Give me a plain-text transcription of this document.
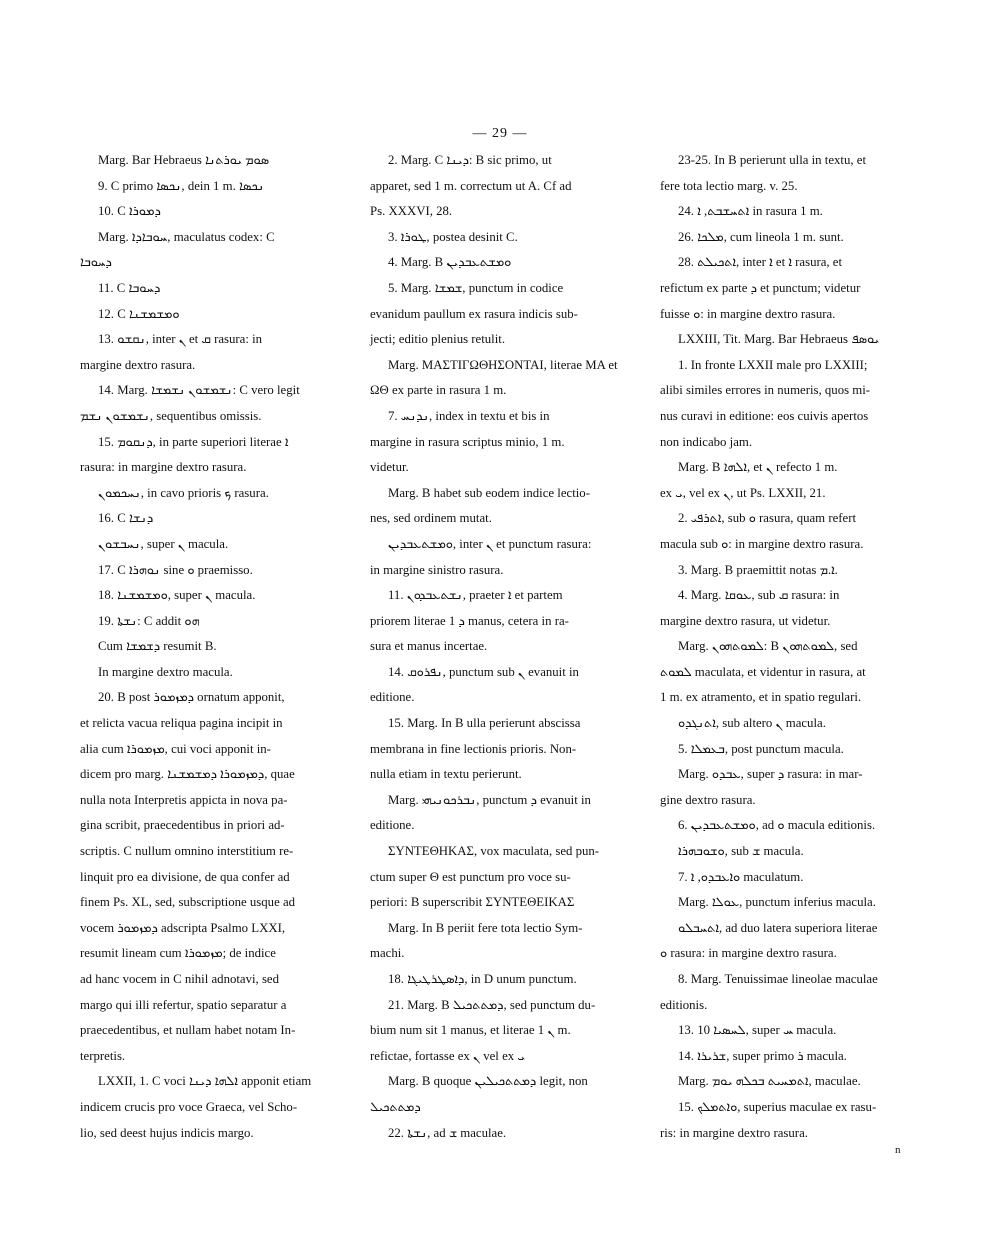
— 29 —

Marg. Bar Hebraeus ܣܘܡ ܝܘܪܬܢܐ

9. C primo ܢܟܣܐ, dein 1 m. ܢܟܣܐ

10. C ܕܡܘܪܐ

Marg. ܚܘܒܐܕܐ, maculatus codex: C

ܕܚܘܒܐ

11. C ܕܚܘܒܐ

12. C ܘܡܫܡܫܢܐ

13. ܢܩܫܘ, inter ܢ et ܩ rasura: in

margine dextro rasura.

14. Marg. ܢܫܡܫܘܢ ܢܫܡܫܐ: C vero legit

ܢܫܡܫܘܢ ܢܫܡ, sequentibus omissis.

15. ܕܢܩܘܡ, in parte superiori literae ܐ

rasura: in margine dextro rasura.

ܢܚܟܡܘܢ, in cavo prioris ܟ rasura.

16. C ܕܢܫܐ

ܢܚܒܫܘܢ, super ܢ macula.

17. C ܢܘܗܪܐ sine ܘ praemisso.

18. ܘܡܫܡܫܢܐ, super ܢ macula.

19. ܢܫܬܐ: C addit ܗܘ

Cum ܕܫܡܫܐ resumit B.

In margine dextro macula.

20. B post ܕܡܙܡܘܪ ornatum apponit,

et relicta vacua reliqua pagina incipit in

alia cum ܡܙܡܘܪܐ, cui voci apponit in-

dicem pro marg. ܕܡܙܡܘܪܐ ܕܡܫܡܫܢܐ, quae

nulla nota Interpretis appicta in nova pa-

gina scribit, praecedentibus in priori ad-

scriptis. C nullum omnino interstitium re-

linquit pro ea divisione, de qua confer ad

finem Ps. XL, sed, subscriptione usque ad

vocem ܕܡܙܡܘܪ adscripta Psalmo LXXI,

resumit lineam cum ܡܙܡܘܪܐ; de indice

ad hanc vocem in C nihil adnotavi, sed

margo qui illi refertur, spatio separatur a

praecedentibus, et nullam habet notam In-

terpretis.

LXXII, 1. C voci ܐܠܗܐ ܕܝܢܐ apponit etiam

indicem crucis pro voce Graeca, vel Scho-

lio, sed deest hujus indicis margo.

2. Marg. C ܕܝܢܐ: B sic primo, ut

apparet, sed 1 m. correctum ut A. Cf ad

Ps. XXXVI, 28.

3. ܛܘܪܐ, postea desinit C.

4. Marg. B ܘܡܫܬܥܒܕܝܢ

5. Marg. ܫܡܫܐ, punctum in codice

evanidum paullum ex rasura indicis sub-

jecti; editio plenius retulit.

Marg. ΜΑΣΤΙΓΩΘΗΣΟΝΤΑΙ, literae ΜΑ et

ΩΘ ex parte in rasura 1 m.

7. ܢܕܢܚ, index in textu et bis in

margine in rasura scriptus minio, 1 m.

videtur.

Marg. B habet sub eodem indice lectio-

nes, sed ordinem mutat.

ܘܡܫܬܥܒܕܝܢ, inter ܢ et punctum rasura:

in margine sinistro rasura.

11. ܢܫܬܥܒܕܘܢ, praeter ܐ et partem

priorem literae ܕ 1 manus, cetera in ra-

sura et manus incertae.

14. ܢܦܪܘܩ, punctum sub ܢ evanuit in

editione.

15. Marg. In B ulla perierunt abscissa

membrana in fine lectionis prioris. Non-

nulla etiam in textu perierunt.

Marg. ܢܒܪܟܘܢܝܗܝ, punctum ܕ evanuit in

editione.

ΣΥΝΤΕΘΗΚΑΣ, vox maculata, sed pun-

ctum super Θ est punctum pro voce su-

periori: B superscribit ΣΥΝΤΕΘΕΙΚΑΣ

Marg. In B periit fere tota lectio Sym-

machi.

18. ܕܐܣܛܪܛܝܓܐ, in D unum punctum.

21. Marg. B ܕܡܬܬܟܝܠ, sed punctum du-

bium num sit 1 manus, et literae ܢ 1 m.

refictae, fortasse ex ܢ vel ex ܝ

Marg. B quoque ܕܡܬܬܟܝܠܝܢ legit, non

ܕܡܬܬܟܝܠ

22. ܢܫܬܐ, ad ܫ maculae.

23-25. In B perierunt ulla in textu, et

fere tota lectio marg. v. 25.

24. ܐܬܚܫܒܬ, ܐ in rasura 1 m.

26. ܡܠܟܐ, cum lineola 1 m. sunt.

28. ܐܬܟܝܠܬ, inter ܐ et ܐ rasura, et

refictum ex parte ܕ et punctum; videtur

fuisse ܘ: in margine dextro rasura.

LXXIII, Tit. Marg. Bar Hebraeus ܝܘܣܦ

1. In fronte LXXII male pro LXXIII;

alibi similes errores in numeris, quos mi-

nus curavi in editione: eos cuivis apertos

non indicabo jam.

Marg. B ܐܠܗܐ, et ܢ refecto 1 m.

ex ܝ, vel ex ܢ, ut Ps. LXXII, 21.

2. ܐܬܪܦܝ, sub ܘ rasura, quam refert

macula sub ܘ: in margine dextro rasura.

3. Marg. B praemittit notas ܐ.ܡ.

4. Marg. ܥܘܩܐ, sub ܩ rasura: in

margine dextro rasura, ut videtur.

Marg. ܠܡܘܬܗܘܢ: B ܠܡܘܬܗܘܢ, sed

ܠܡܘܬ maculata, et videntur in rasura, at

1 m. ex atramento, et in spatio regulari.

ܐܬܢܓܕܘ, sub altero ܢ macula.

5. ܒܥܡܠܐ, post punctum macula.

Marg. ܥܒܕܘ, super ܕ rasura: in mar-

gine dextro rasura.

6. ܘܡܫܬܥܒܕܝܢ, ad ܘ macula editionis.

ܘܫܘܒܗܪܐ, sub ܫ macula.

7. ܘܐܥܒܕܘ, ܐ maculatum.

Marg. ܥܘܠܐ, punctum inferius macula.

ܐܬܚܒܠܘ, ad duo latera superiora literae

ܘ rasura: in margine dextro rasura.

8. Marg. Tenuissimae lineolae maculae

editionis.

13. ܠܚܣܝܐ 10, super ܚ macula.

14. ܫܪܝܪܐ, super primo ܪ macula.

Marg. ܐܬܡܚܝܬ ܒܟܠܗ ܝܘܡ, maculae.

15. ܘܐܬܡܠܟ, superius maculae ex rasu-

ris: in margine dextro rasura.

n
